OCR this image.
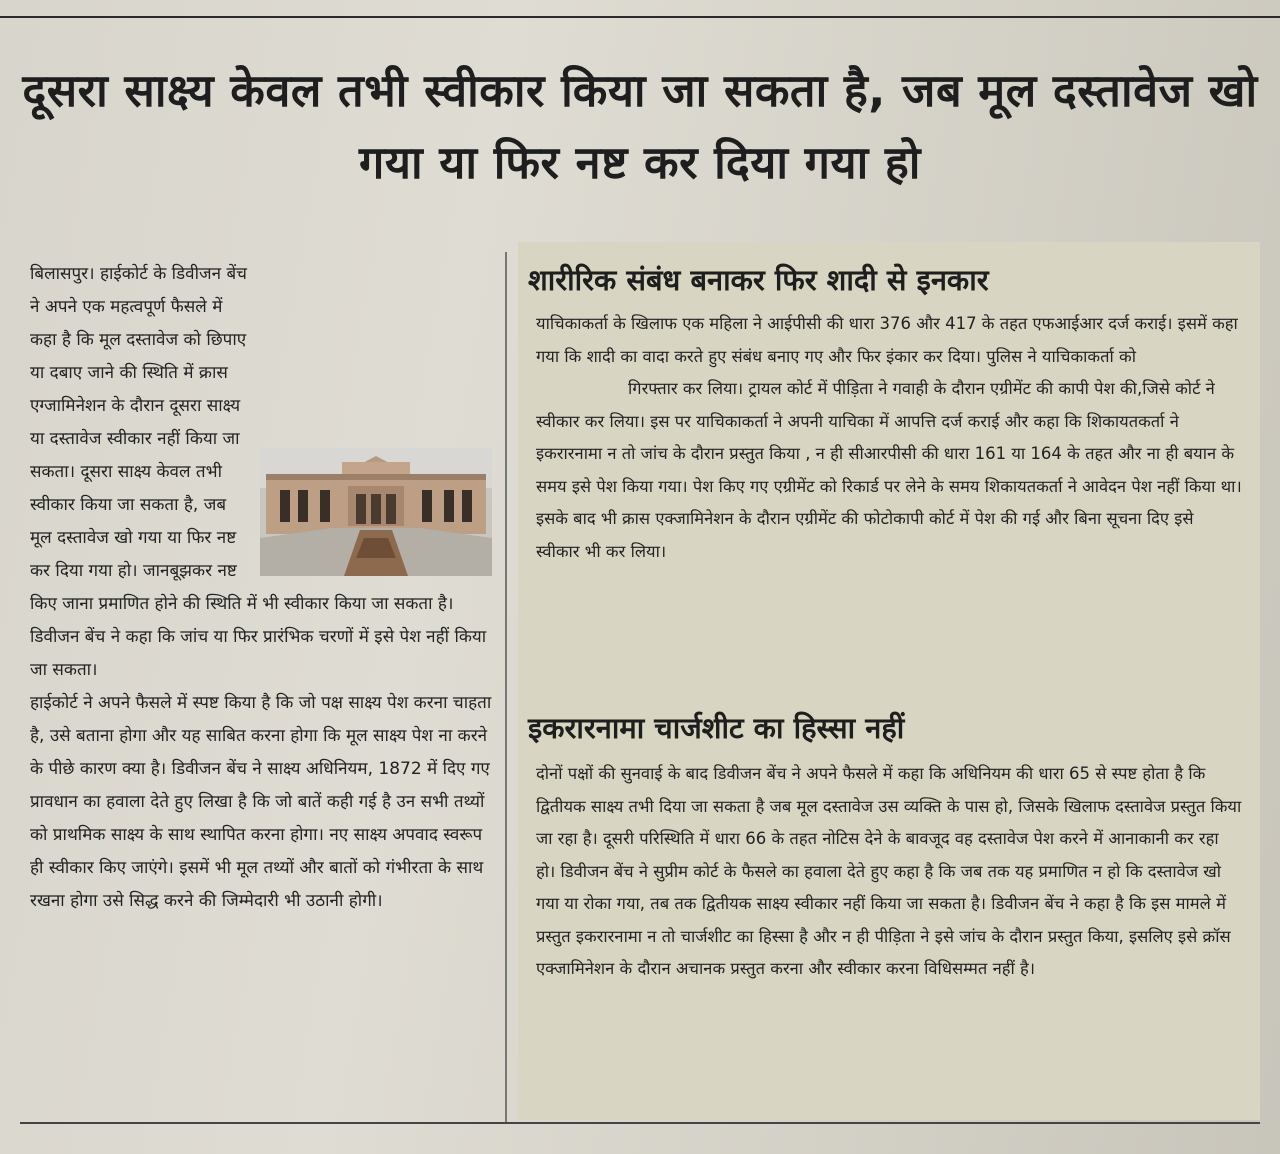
दूसरा साक्ष्य केवल तभी स्वीकार किया जा सकता है, जब मूल दस्तावेज खो गया या फिर नष्ट कर दिया गया हो

बिलासपुर। हाईकोर्ट के डिवीजन बेंच ने अपने एक महत्वपूर्ण फैसले में कहा है कि मूल दस्तावेज को छिपाए या दबाए जाने की स्थिति में क्रास एग्जामिनेशन के दौरान दूसरा साक्ष्य या दस्तावेज स्वीकार नहीं किया जा सकता। दूसरा साक्ष्य केवल तभी स्वीकार किया जा सकता है, जब मूल दस्तावेज खो गया या फिर नष्ट कर दिया गया हो। जानबूझकर नष्ट किए जाना प्रमाणित होने की स्थिति में भी स्वीकार किया जा सकता है। डिवीजन बेंच ने कहा कि जांच या फिर प्रारंभिक चरणों में इसे पेश नहीं किया जा सकता।

हाईकोर्ट ने अपने फैसले में स्पष्ट किया है कि जो पक्ष साक्ष्य पेश करना चाहता है, उसे बताना होगा और यह साबित करना होगा कि मूल साक्ष्य पेश ना करने के पीछे कारण क्या है। डिवीजन बेंच ने साक्ष्य अधिनियम, 1872 में दिए गए प्रावधान का हवाला देते हुए लिखा है कि जो बातें कही गई है उन सभी तथ्यों को प्राथमिक साक्ष्य के साथ स्थापित करना होगा। नए साक्ष्य अपवाद स्वरूप ही स्वीकार किए जाएंगे। इसमें भी मूल तथ्यों और बातों को गंभीरता के साथ रखना होगा उसे सिद्ध करने की जिम्मेदारी भी उठानी होगी।

शारीरिक संबंध बनाकर फिर शादी से इनकार

याचिकाकर्ता के खिलाफ एक महिला ने आईपीसी की धारा 376 और 417 के तहत एफआईआर दर्ज कराई। इसमें कहा गया कि शादी का वादा करते हुए संबंध बनाए गए और फिर इंकार कर दिया। पुलिस ने याचिकाकर्ता को
गिरफ्तार कर लिया। ट्रायल कोर्ट में पीड़िता ने गवाही के दौरान एग्रीमेंट की कापी पेश की,जिसे कोर्ट ने स्वीकार कर लिया। इस पर याचिकाकर्ता ने अपनी याचिका में आपत्ति दर्ज कराई और कहा कि शिकायतकर्ता ने इकरारनामा न तो जांच के दौरान प्रस्तुत किया , न ही सीआरपीसी की धारा 161 या 164 के तहत और ना ही बयान के समय इसे पेश किया गया। पेश किए गए एग्रीमेंट को रिकार्ड पर लेने के समय शिकायतकर्ता ने आवेदन पेश नहीं किया था। इसके बाद भी क्रास एक्जामिनेशन के दौरान एग्रीमेंट की फोटोकापी कोर्ट में पेश की गई और बिना सूचना दिए इसे स्वीकार भी कर लिया।

इकरारनामा चार्जशीट का हिस्सा नहीं

दोनों पक्षों की सुनवाई के बाद डिवीजन बेंच ने अपने फैसले में कहा कि अधिनियम की धारा 65 से स्पष्ट होता है कि द्वितीयक साक्ष्य तभी दिया जा सकता है जब मूल दस्तावेज उस व्यक्ति के पास हो, जिसके खिलाफ दस्तावेज प्रस्तुत किया जा रहा है। दूसरी परिस्थिति में धारा 66 के तहत नोटिस देने के बावजूद वह दस्तावेज पेश करने में आनाकानी कर रहा हो। डिवीजन बेंच ने सुप्रीम कोर्ट के फैसले का हवाला देते हुए कहा है कि जब तक यह प्रमाणित न हो कि दस्तावेज खो गया या रोका गया, तब तक द्वितीयक साक्ष्य स्वीकार नहीं किया जा सकता है। डिवीजन बेंच ने कहा है कि इस मामले में प्रस्तुत इकरारनामा न तो चार्जशीट का हिस्सा है और न ही पीड़िता ने इसे जांच के दौरान प्रस्तुत किया, इसलिए इसे क्रॉस एक्जामिनेशन के दौरान अचानक प्रस्तुत करना और स्वीकार करना विधिसम्मत नहीं है।
